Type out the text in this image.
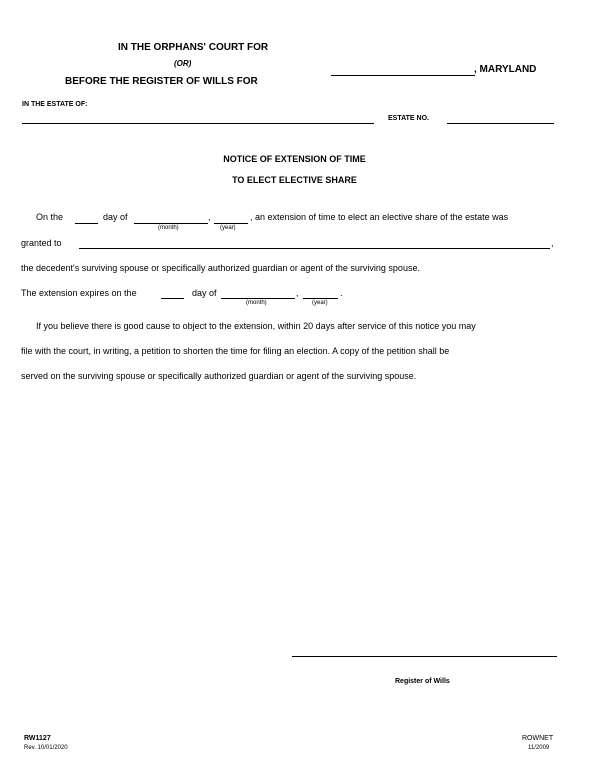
IN THE ORPHANS' COURT FOR
(OR)
BEFORE THE REGISTER OF WILLS FOR
, MARYLAND
IN THE ESTATE OF:
ESTATE NO.
NOTICE OF EXTENSION OF TIME
TO ELECT ELECTIVE SHARE
On the	day of	,	, an extension of time to elect an elective share of the estate was
(month)	(year)
granted to	,
the decedent's surviving spouse or specifically authorized guardian or agent of the surviving spouse.
The extension expires on the	day of	,	.
(month)	(year)
If you believe there is good cause to object to the extension, within 20 days after service of this notice you may
file with the court, in writing, a petition to shorten the time for filing an election. A copy of the petition shall be
served on the surviving spouse or specifically authorized guardian or agent of the surviving spouse.
Register of Wills
RW1127
Rev. 10/01/2020
ROWNET
11/2009
